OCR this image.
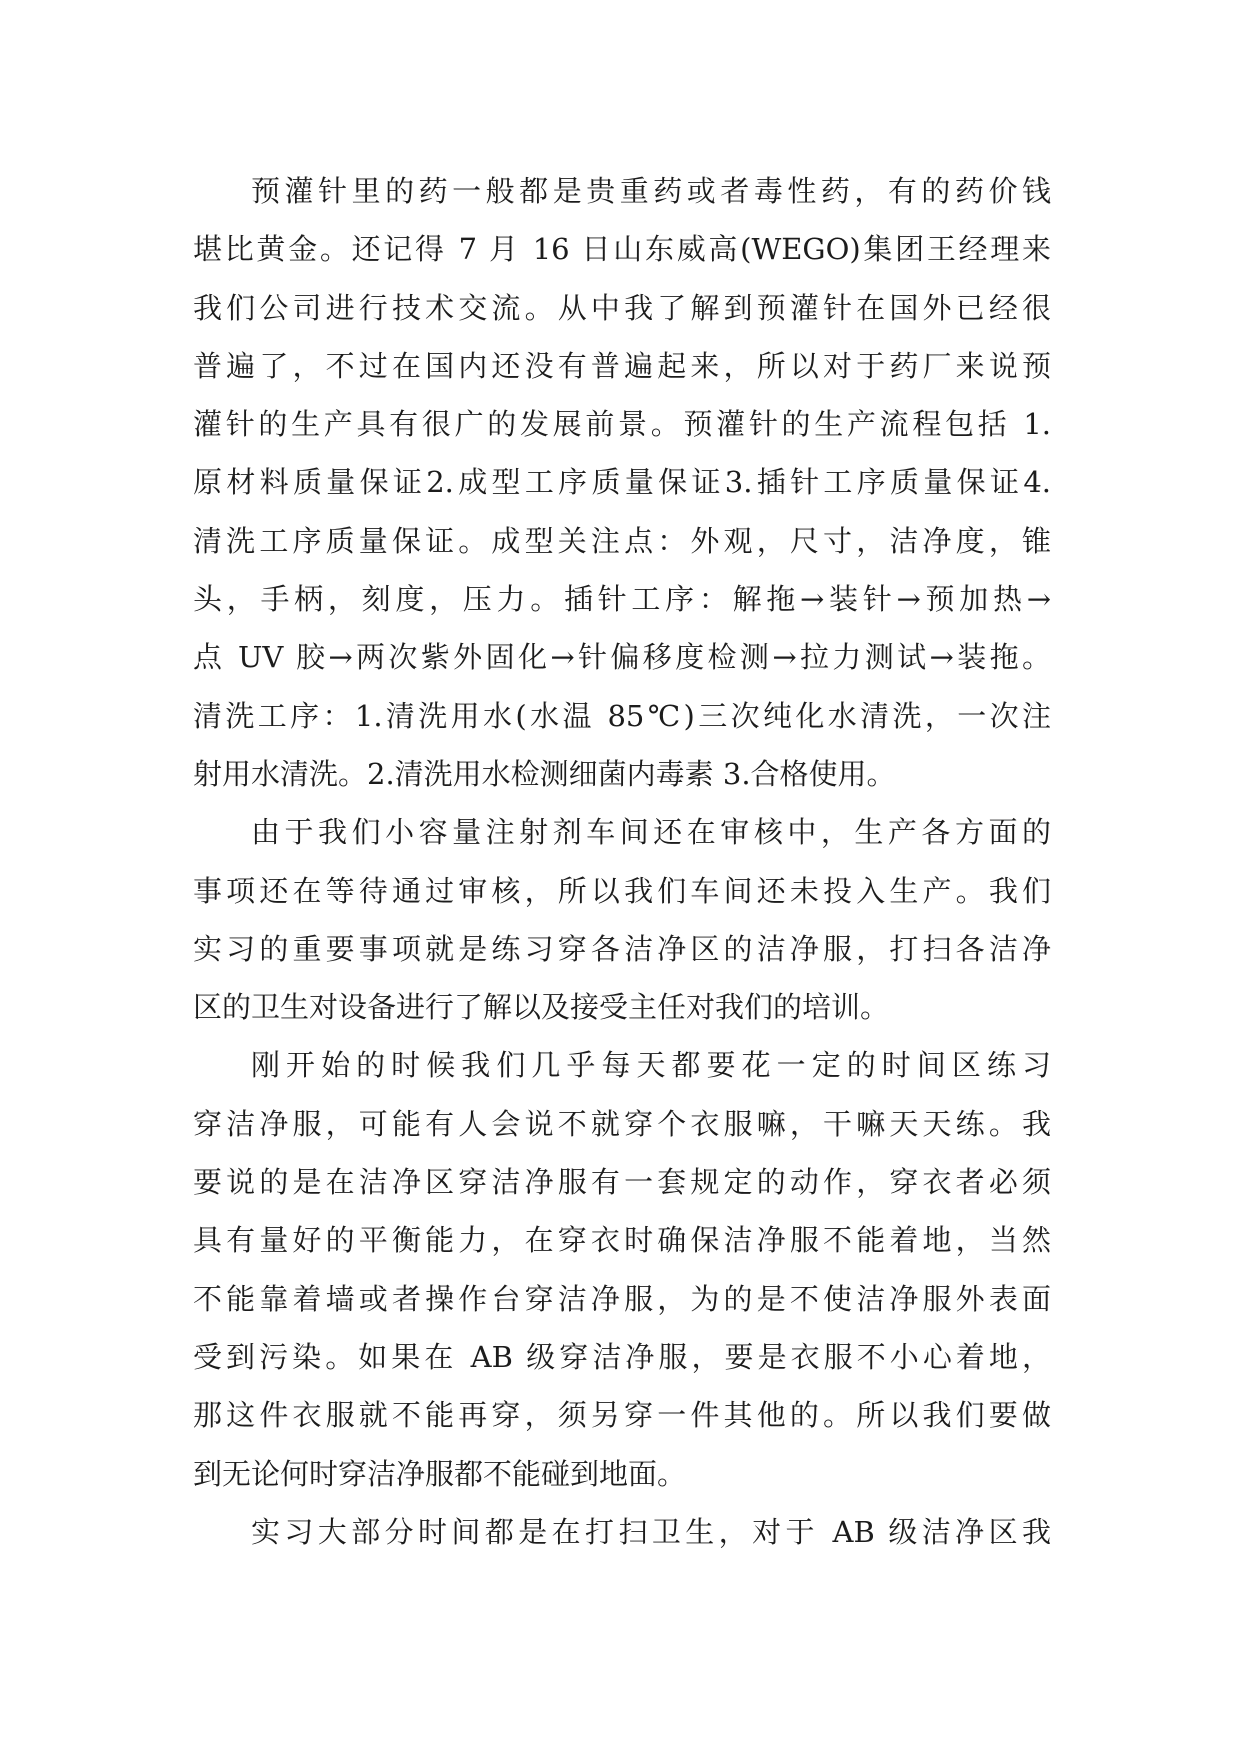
预灌针里的药一般都是贵重药或者毒性药，有的药价钱
堪比黄金。还记得 7 月 16 日山东威高(WEGO)集团王经理来
我们公司进行技术交流。从中我了解到预灌针在国外已经很
普遍了，不过在国内还没有普遍起来，所以对于药厂来说预
灌针的生产具有很广的发展前景。预灌针的生产流程包括 1.
原材料质量保证2.成型工序质量保证3.插针工序质量保证4.
清洗工序质量保证。成型关注点：外观，尺寸，洁净度，锥
头，手柄，刻度，压力。插针工序：解拖→装针→预加热→
点 UV 胶→两次紫外固化→针偏移度检测→拉力测试→装拖。
清洗工序：1.清洗用水(水温 85℃)三次纯化水清洗，一次注
射用水清洗。2.清洗用水检测细菌内毒素 3.合格使用。
由于我们小容量注射剂车间还在审核中，生产各方面的
事项还在等待通过审核，所以我们车间还未投入生产。我们
实习的重要事项就是练习穿各洁净区的洁净服，打扫各洁净
区的卫生对设备进行了解以及接受主任对我们的培训。
刚开始的时候我们几乎每天都要花一定的时间区练习
穿洁净服，可能有人会说不就穿个衣服嘛，干嘛天天练。我
要说的是在洁净区穿洁净服有一套规定的动作，穿衣者必须
具有量好的平衡能力，在穿衣时确保洁净服不能着地，当然
不能靠着墙或者操作台穿洁净服，为的是不使洁净服外表面
受到污染。如果在 AB 级穿洁净服，要是衣服不小心着地，
那这件衣服就不能再穿，须另穿一件其他的。所以我们要做
到无论何时穿洁净服都不能碰到地面。
实习大部分时间都是在打扫卫生，对于 AB 级洁净区我
